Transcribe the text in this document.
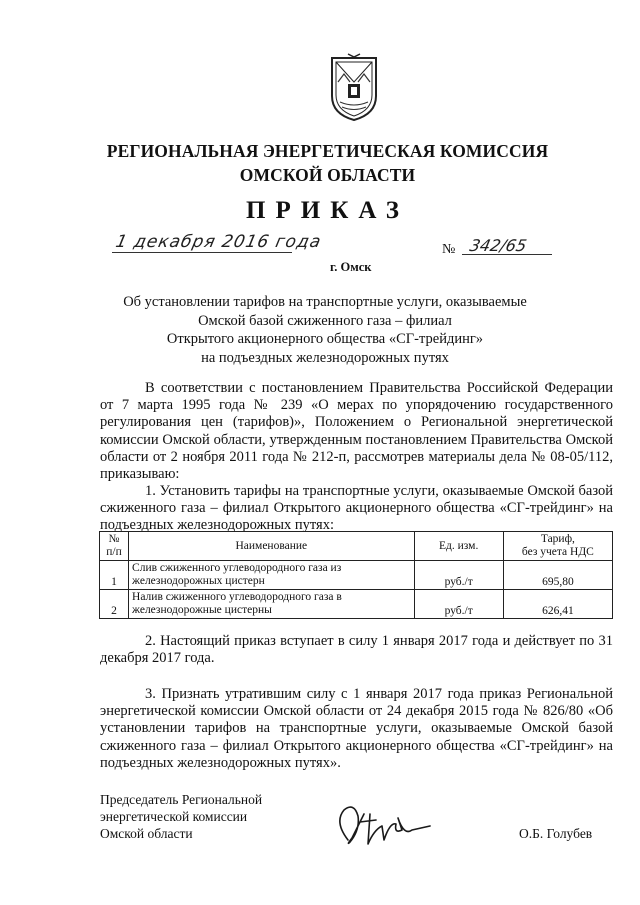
РЕГИОНАЛЬНАЯ ЭНЕРГЕТИЧЕСКАЯ КОМИССИЯ
ОМСКОЙ ОБЛАСТИ
ПРИКАЗ
1 декабря 2016 года	№ 342/65
г. Омск
Об установлении тарифов на транспортные услуги, оказываемые
Омской базой сжиженного газа – филиал
Открытого акционерного общества «СГ-трейдинг»
на подъездных железнодорожных путях
В соответствии с постановлением Правительства Российской Федерации от 7 марта 1995 года № 239 «О мерах по упорядочению государственного регулирования цен (тарифов)», Положением о Региональной энергетической комиссии Омской области, утвержденным постановлением Правительства Омской области от 2 ноября 2011 года № 212-п, рассмотрев материалы дела № 08-05/112, приказываю:
1. Установить тарифы на транспортные услуги, оказываемые Омской базой сжиженного газа – филиал Открытого акционерного общества «СГ-трейдинг» на подъездных железнодорожных путях:
№
п/п	Наименование	Ед. изм.	Тариф,
без учета НДС
1	Слив сжиженного углеводородного газа из железнодорожных цистерн	руб./т	695,80
2	Налив сжиженного углеводородного газа в железнодорожные цистерны	руб./т	626,41
2. Настоящий приказ вступает в силу 1 января 2017 года и действует по 31 декабря 2017 года.
3. Признать утратившим силу с 1 января 2017 года приказ Региональной энергетической комиссии Омской области от 24 декабря 2015 года № 826/80 «Об установлении тарифов на транспортные услуги, оказываемые Омской базой сжиженного газа – филиал Открытого акционерного общества «СГ-трейдинг» на подъездных железнодорожных путях».
Председатель Региональной
энергетической комиссии
Омской области	О.Б. Голубев
